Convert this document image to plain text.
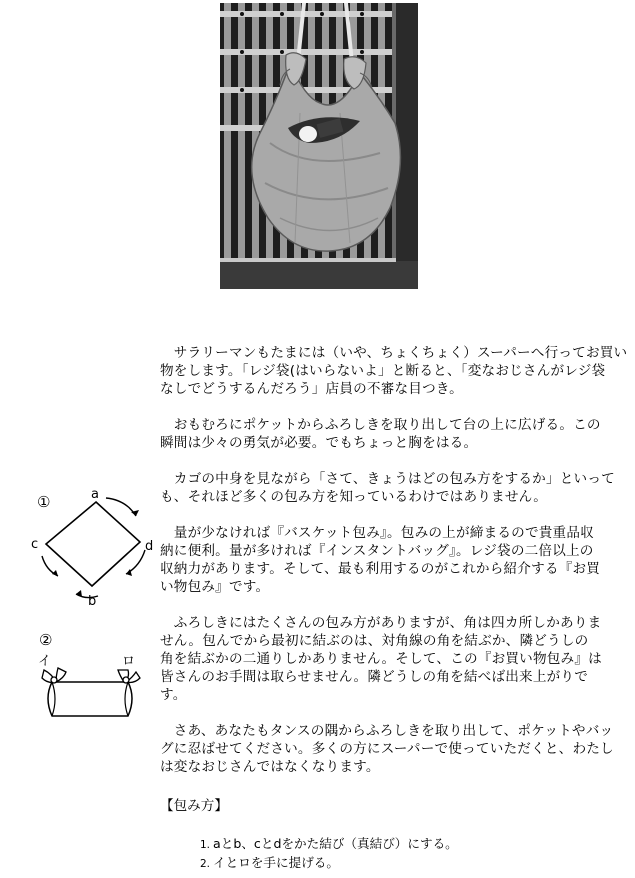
①	a
c	d
b
②
イ	ロ

　サラリーマンもたまには（いや、ちょくちょく）スーパーへ行ってお買い
物をします。「レジ袋(はいらないよ」と断ると、「変なおじさんがレジ袋
なしでどうするんだろう」店員の不審な目つき。

　おもむろにポケットからふろしきを取り出して台の上に広げる。この
瞬間は少々の勇気が必要。でもちょっと胸をはる。

　カゴの中身を見ながら「さて、きょうはどの包み方をするか」といって
も、それほど多くの包み方を知っているわけではありません。

　量が少なければ『バスケット包み』。包みの上が締まるので貴重品収
納に便利。量が多ければ『インスタントバッグ』。レジ袋の二倍以上の
収納力があります。そして、最も利用するのがこれから紹介する『お買
い物包み』です。

　ふろしきにはたくさんの包み方がありますが、角は四カ所しかありま
せん。包んでから最初に結ぶのは、対角線の角を結ぶか、隣どうしの
角を結ぶかの二通りしかありません。そして、この『お買い物包み』は
皆さんのお手間は取らせません。隣どうしの角を結べば出来上がりで
す。

　さあ、あなたもタンスの隅からふろしきを取り出して、ポケットやバッ
グに忍ばせてください。多くの方にスーパーで使っていただくと、わたし
は変なおじさんではなくなります。

【包み方】

1. aとb、cとdをかた結び（真結び）にする。
2. イとロを手に提げる。
